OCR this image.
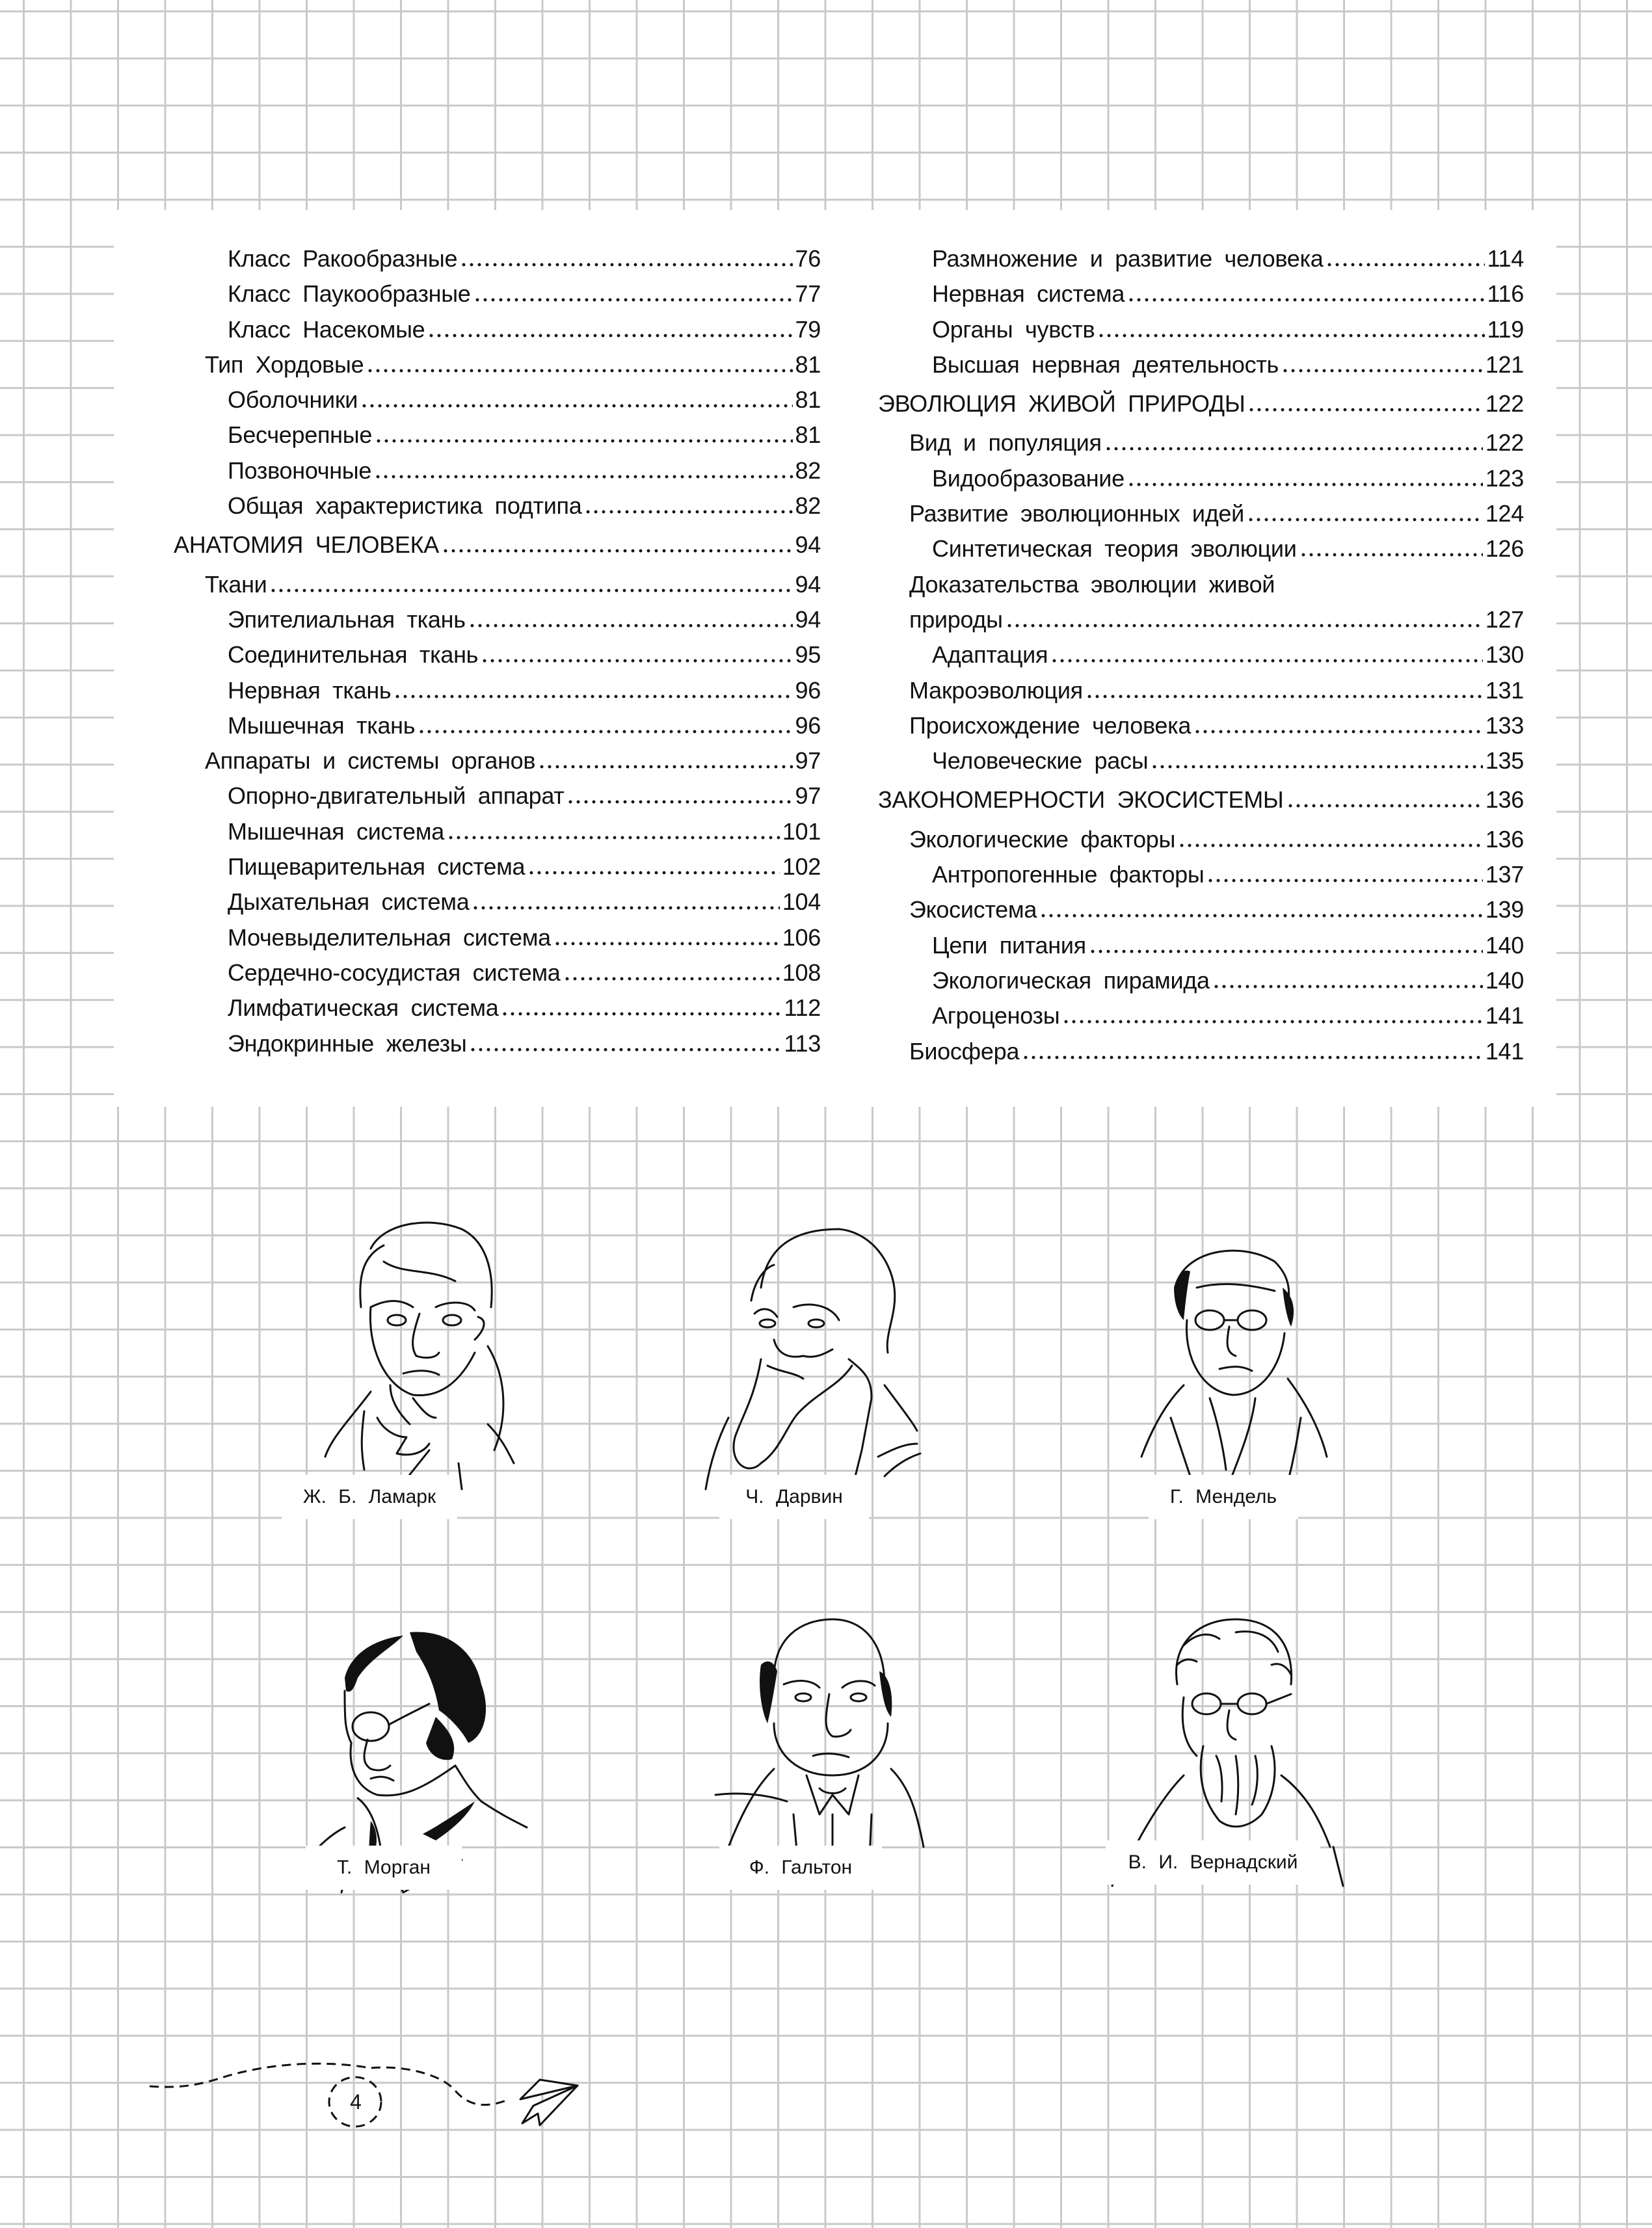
Класс Ракообразные	76
Класс Паукообразные	77
Класс Насекомые	79
Тип Хордовые	81
Оболочники	81
Бесчерепные	81
Позвоночные	82
Общая характеристика подтипа	82
АНАТОМИЯ ЧЕЛОВЕКА	94
Ткани	94
Эпителиальная ткань	94
Соединительная ткань	95
Нервная ткань	96
Мышечная ткань	96
Аппараты и системы органов	97
Опорно-двигательный аппарат	97
Мышечная система	101
Пищеварительная система	102
Дыхательная система	104
Мочевыделительная система	106
Сердечно-сосудистая система	108
Лимфатическая система	112
Эндокринные железы	113
Размножение и развитие человека	114
Нервная система	116
Органы чувств	119
Высшая нервная деятельность	121
ЭВОЛЮЦИЯ ЖИВОЙ ПРИРОДЫ	122
Вид и популяция	122
Видообразование	123
Развитие эволюционных идей	124
Синтетическая теория эволюции	126
Доказательства эволюции живой
природы	127
Адаптация	130
Макроэволюция	131
Происхождение человека	133
Человеческие расы	135
ЗАКОНОМЕРНОСТИ ЭКОСИСТЕМЫ	136
Экологические факторы	136
Антропогенные факторы	137
Экосистема	139
Цепи питания	140
Экологическая пирамида	140
Агроценозы	141
Биосфера	141
Ж. Б. Ламарк	Ч. Дарвин	Г. Мендель
Т. Морган	Ф. Гальтон	В. И. Вернадский
4
